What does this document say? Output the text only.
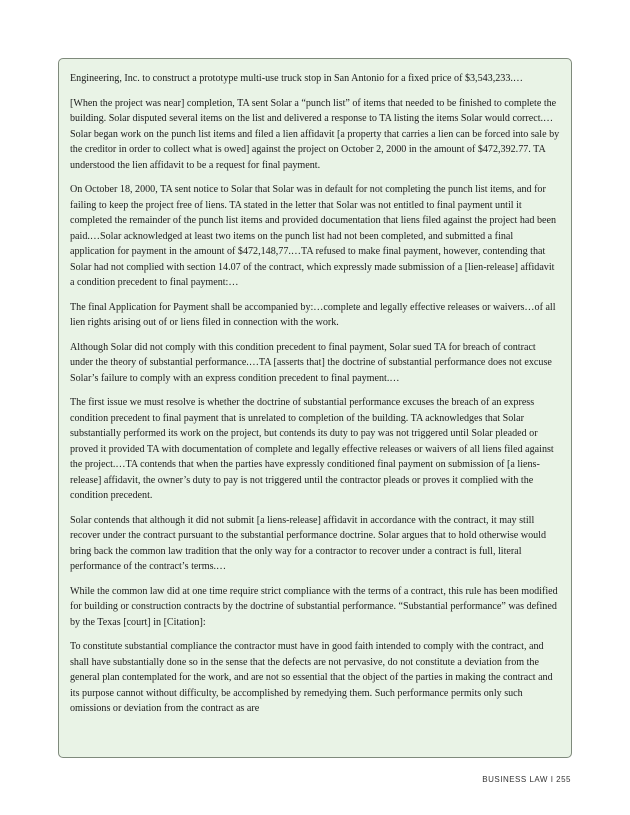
Engineering, Inc. to construct a prototype multi-use truck stop in San Antonio for a fixed price of $3,543,233.…

[When the project was near] completion, TA sent Solar a “punch list” of items that needed to be finished to complete the building. Solar disputed several items on the list and delivered a response to TA listing the items Solar would correct.…Solar began work on the punch list items and filed a lien affidavit [a property that carries a lien can be forced into sale by the creditor in order to collect what is owed] against the project on October 2, 2000 in the amount of $472,392.77. TA understood the lien affidavit to be a request for final payment.

On October 18, 2000, TA sent notice to Solar that Solar was in default for not completing the punch list items, and for failing to keep the project free of liens. TA stated in the letter that Solar was not entitled to final payment until it completed the remainder of the punch list items and provided documentation that liens filed against the project had been paid.…Solar acknowledged at least two items on the punch list had not been completed, and submitted a final application for payment in the amount of $472,148,77.…TA refused to make final payment, however, contending that Solar had not complied with section 14.07 of the contract, which expressly made submission of a [lien-release] affidavit a condition precedent to final payment:…

The final Application for Payment shall be accompanied by:…complete and legally effective releases or waivers…of all lien rights arising out of or liens filed in connection with the work.

Although Solar did not comply with this condition precedent to final payment, Solar sued TA for breach of contract under the theory of substantial performance.…TA [asserts that] the doctrine of substantial performance does not excuse Solar’s failure to comply with an express condition precedent to final payment.…

The first issue we must resolve is whether the doctrine of substantial performance excuses the breach of an express condition precedent to final payment that is unrelated to completion of the building. TA acknowledges that Solar substantially performed its work on the project, but contends its duty to pay was not triggered until Solar pleaded or proved it provided TA with documentation of complete and legally effective releases or waivers of all liens filed against the project.…TA contends that when the parties have expressly conditioned final payment on submission of [a liens-release] affidavit, the owner’s duty to pay is not triggered until the contractor pleads or proves it complied with the condition precedent.

Solar contends that although it did not submit [a liens-release] affidavit in accordance with the contract, it may still recover under the contract pursuant to the substantial performance doctrine. Solar argues that to hold otherwise would bring back the common law tradition that the only way for a contractor to recover under a contract is full, literal performance of the contract’s terms.…

While the common law did at one time require strict compliance with the terms of a contract, this rule has been modified for building or construction contracts by the doctrine of substantial performance. “Substantial performance” was defined by the Texas [court] in [Citation]:

To constitute substantial compliance the contractor must have in good faith intended to comply with the contract, and shall have substantially done so in the sense that the defects are not pervasive, do not constitute a deviation from the general plan contemplated for the work, and are not so essential that the object of the parties in making the contract and its purpose cannot without difficulty, be accomplished by remedying them. Such performance permits only such omissions or deviation from the contract as are

BUSINESS LAW I 255
